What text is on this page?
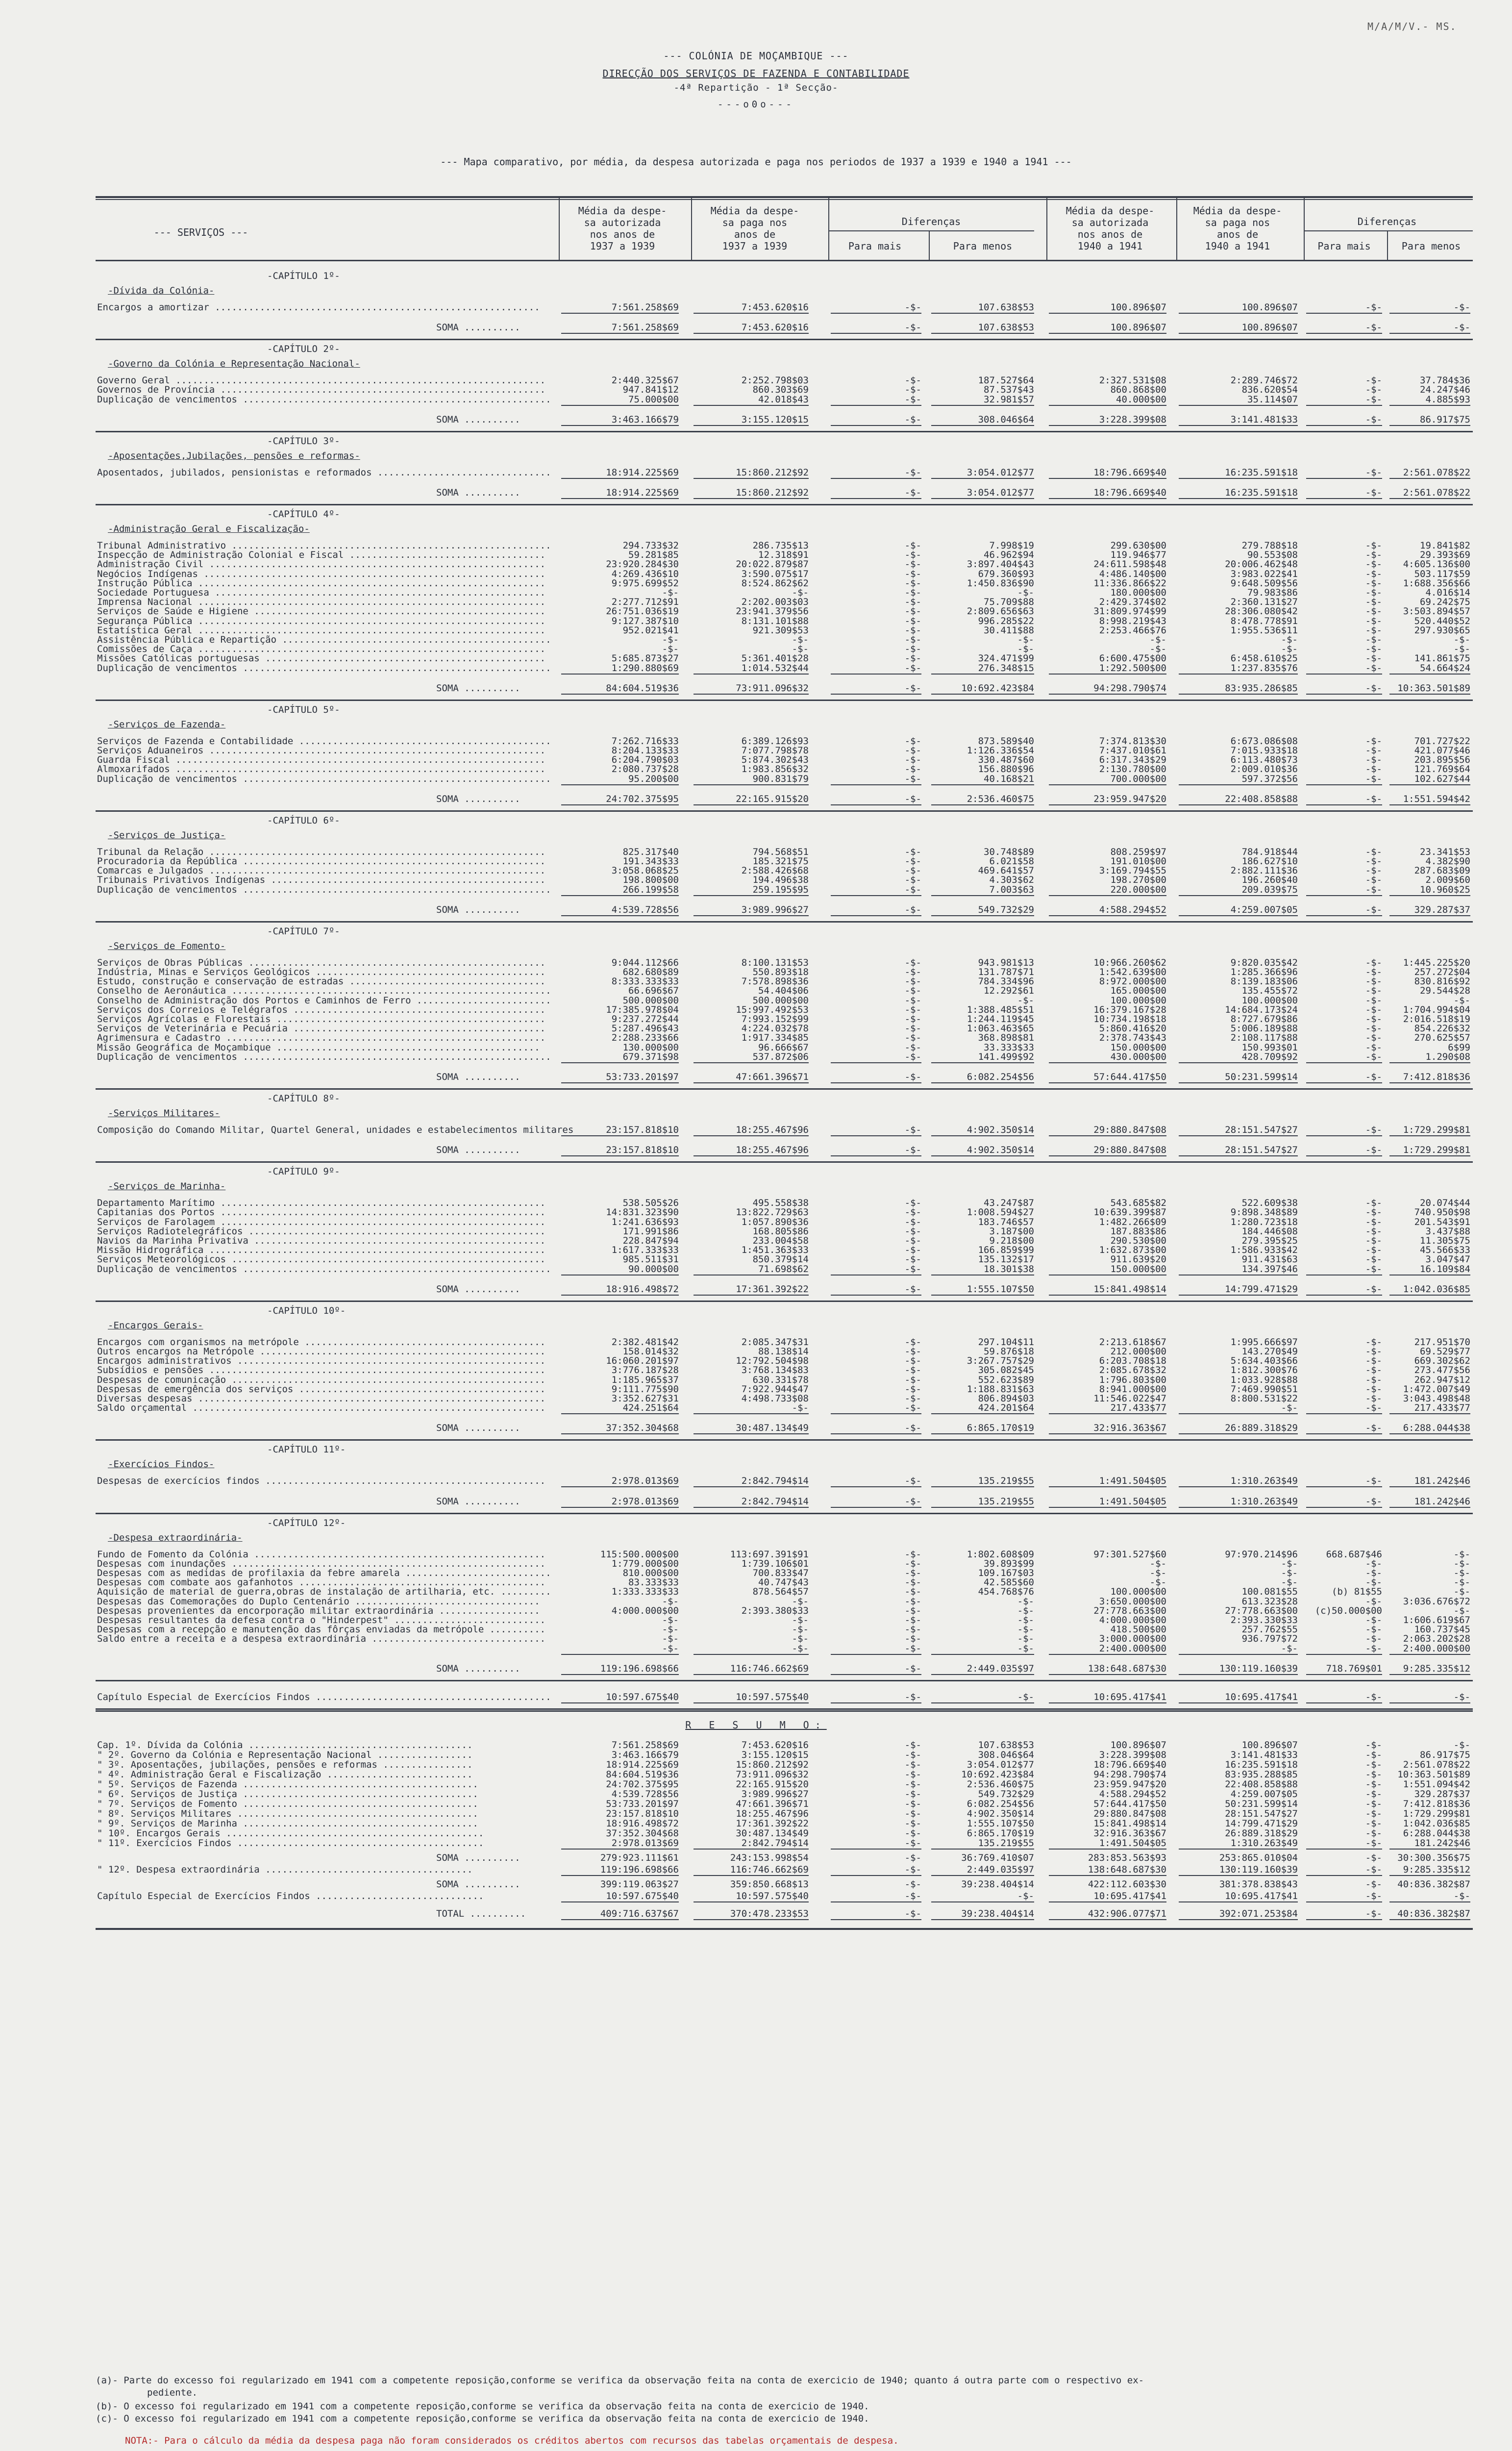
M/A/M/V.- MS.
--- COLÓNIA DE MOÇAMBIQUE ---
DIRECÇÃO DOS SERVIÇOS DE FAZENDA E CONTABILIDADE
-4ª Repartição - 1ª Secção-
---o0o---
--- Mapa comparativo, por média, da despesa autorizada e paga nos periodos de 1937 a 1939 e 1940 a 1941 ---
--- SERVIÇOS ---
Média da despe-
sa autorizada
nos anos de
1937 a 1939
Média da despe-
sa paga nos
anos de
1937 a 1939
Diferenças
Para mais	Para menos
Média da despe-
sa autorizada
nos anos de
1940 a 1941
Média da despe-
sa paga nos
anos de
1940 a 1941
Diferenças
Para mais	Para menos
-CAPÍTULO 1º-
-Dívida da Colónia-
Encargos a amortizar ..........................................................	7:561.258$69	7:453.620$16	-$-	107.638$53	100.896$07	100.896$07	-$-	-$-
SOMA ..........	7:561.258$69	7:453.620$16	-$-	107.638$53	100.896$07	100.896$07	-$-	-$-
-CAPÍTULO 2º-
-Governo da Colónia e Representação Nacional-
Governo Geral ..................................................................	2:440.325$67	2:252.798$03	-$-	187.527$64	2:327.531$08	2:289.746$72	-$-	37.784$36
Governos de Província ..........................................................	947.841$12	860.303$69	-$-	87.537$43	860.868$00	836.620$54	-$-	24.247$46
Duplicação de vencimentos .......................................................	75.000$00	42.018$43	-$-	32.981$57	40.000$00	35.114$07	-$-	4.885$93
SOMA ..........	3:463.166$79	3:155.120$15	-$-	308.046$64	3:228.399$08	3:141.481$33	-$-	86.917$75
-CAPÍTULO 3º-
-Aposentações,Jubilações, pensões e reformas-
Aposentados, jubilados, pensionistas e reformados ...............................	18:914.225$69	15:860.212$92	-$-	3:054.012$77	18:796.669$40	16:235.591$18	-$-	2:561.078$22
SOMA ..........	18:914.225$69	15:860.212$92	-$-	3:054.012$77	18:796.669$40	16:235.591$18	-$-	2:561.078$22
-CAPÍTULO 4º-
-Administração Geral e Fiscalização-
Tribunal Administrativo .........................................................	294.733$32	286.735$13	-$-	7.998$19	299.630$00	279.788$18	-$-	19.841$82
Inspecção de Administração Colonial e Fiscal ...................................	59.281$85	12.318$91	-$-	46.962$94	119.946$77	90.553$08	-$-	29.393$69
Administração Civil ............................................................	23:920.284$30	20:022.879$87	-$-	3:897.404$43	24:611.598$48	20:006.462$48	-$-	4:605.136$00
Negócios Indígenas .............................................................	4:269.436$10	3:590.075$17	-$-	679.360$93	4:486.140$00	3:983.022$41	-$-	503.117$59
Instrução Pública ..............................................................	9:975.699$52	8:524.862$62	-$-	1:450.836$90	11:336.866$22	9:648.509$56	-$-	1:688.356$66
Sociedade Portuguesa ...........................................................	-$-	-$-	-$-	-$-	180.000$00	79.983$86	-$-	4.016$14
Imprensa Nacional ..............................................................	2:277.712$91	2:202.003$03	-$-	75.709$88	2:429.374$02	2:360.131$27	-$-	69.242$75
Serviços de Saúde e Higiene ....................................................	26:751.036$19	23:941.379$56	-$-	2:809.656$63	31:809.974$99	28:306.080$42	-$-	3:503.894$57
Segurança Pública ..............................................................	9:127.387$10	8:131.101$88	-$-	996.285$22	8:998.219$43	8:478.778$91	-$-	520.440$52
Estatística Geral ..............................................................	952.021$41	921.309$53	-$-	30.411$88	2:253.466$76	1:955.536$11	-$-	297.930$65
Assistência Pública e Repartição ................................................	-$-	-$-	-$-	-$-	-$-	-$-	-$-	-$-
Comissões de Caça ..............................................................	-$-	-$-	-$-	-$-	-$-	-$-	-$-	-$-
Missões Católicas portuguesas ..................................................	5:685.873$27	5:361.401$28	-$-	324.471$99	6:600.475$00	6:458.610$25	-$-	141.861$75
Duplicação de vencimentos .......................................................	1:290.880$69	1:014.532$44	-$-	276.348$15	1:292.500$00	1:237.835$76	-$-	54.664$24
SOMA ..........	84:604.519$36	73:911.096$32	-$-	10:692.423$84	94:298.790$74	83:935.286$85	-$-	10:363.501$89
-CAPÍTULO 5º-
-Serviços de Fazenda-
Serviços de Fazenda e Contabilidade .............................................	7:262.716$33	6:389.126$93	-$-	873.589$40	7:374.813$30	6:673.086$08	-$-	701.727$22
Serviços Aduaneiros ............................................................	8:204.133$33	7:077.798$78	-$-	1:126.336$54	7:437.010$61	7:015.933$18	-$-	421.077$46
Guarda Fiscal ..................................................................	6:204.790$03	5:874.302$43	-$-	330.487$60	6:317.343$29	6:113.480$73	-$-	203.895$56
Almoxarifados ..................................................................	2:080.737$28	1:983.856$32	-$-	156.880$96	2:130.780$00	2:009.010$36	-$-	121.769$64
Duplicação de vencimentos .......................................................	95.200$00	900.831$79	-$-	40.168$21	700.000$00	597.372$56	-$-	102.627$44
SOMA ..........	24:702.375$95	22:165.915$20	-$-	2:536.460$75	23:959.947$20	22:408.858$88	-$-	1:551.594$42
-CAPÍTULO 6º-
-Serviços de Justiça-
Tribunal da Relação ............................................................	825.317$40	794.568$51	-$-	30.748$89	808.259$97	784.918$44	-$-	23.341$53
Procuradoria da República ......................................................	191.343$33	185.321$75	-$-	6.021$58	191.010$00	186.627$10	-$-	4.382$90
Comarcas e Julgados ............................................................	3:058.068$25	2:588.426$68	-$-	469.641$57	3:169.794$55	2:882.111$36	-$-	287.683$09
Tribunais Privativos Indígenas .................................................	198.800$00	194.496$38	-$-	4.303$62	198.270$00	196.260$40	-$-	2.009$60
Duplicação de vencimentos .......................................................	266.199$58	259.195$95	-$-	7.003$63	220.000$00	209.039$75	-$-	10.960$25
SOMA ..........	4:539.728$56	3:989.996$27	-$-	549.732$29	4:588.294$52	4:259.007$05	-$-	329.287$37
-CAPÍTULO 7º-
-Serviços de Fomento-
Serviços de Obras Públicas .....................................................	9:044.112$66	8:100.131$53	-$-	943.981$13	10:966.260$62	9:820.035$42	-$-	1:445.225$20
Indústria, Minas e Serviços Geológicos .........................................	682.680$89	550.893$18	-$-	131.787$71	1:542.639$00	1:285.366$96	-$-	257.272$04
Estudo, construção e conservação de estradas ...................................	8:333.333$33	7:578.898$36	-$-	784.334$96	8:972.000$00	8:139.183$06	-$-	830.816$92
Conselho de Aeronáutica .........................................................	66.696$67	54.404$06	-$-	12.292$61	165.000$00	135.455$72	-$-	29.544$28
Conselho de Administração dos Portos e Caminhos de Ferro ........................	500.000$00	500.000$00	-$-	-$-	100.000$00	100.000$00	-$-	-$-
Serviços dos Correios e Telégrafos .............................................	17:385.978$04	15:997.492$53	-$-	1:388.485$51	16:379.167$28	14:684.173$24	-$-	1:704.994$04
Serviços Agrícolas e Florestais ................................................	9:237.272$44	7:993.152$99	-$-	1:244.119$45	10:734.198$18	8:727.679$86	-$-	2:016.518$19
Serviços de Veterinária e Pecuária .............................................	5:287.496$43	4:224.032$78	-$-	1:063.463$65	5:860.416$20	5:006.189$88	-$-	854.226$32
Agrimensura e Cadastro .........................................................	2:288.233$66	1:917.334$85	-$-	368.898$81	2:378.743$43	2:108.117$88	-$-	270.625$57
Missão Geográfica de Moçambique ...............................................	130.000$00	96.666$67	-$-	33.333$33	150.000$00	150.993$01	-$-	6$99
Duplicação de vencimentos .......................................................	679.371$98	537.872$06	-$-	141.499$92	430.000$00	428.709$92	-$-	1.290$08
SOMA ..........	53:733.201$97	47:661.396$71	-$-	6:082.254$56	57:644.417$50	50:231.599$14	-$-	7:412.818$36
-CAPÍTULO 8º-
-Serviços Militares-
Composição do Comando Militar, Quartel General, unidades e estabelecimentos militares	23:157.818$10	18:255.467$96	-$-	4:902.350$14	29:880.847$08	28:151.547$27	-$-	1:729.299$81
SOMA ..........	23:157.818$10	18:255.467$96	-$-	4:902.350$14	29:880.847$08	28:151.547$27	-$-	1:729.299$81
-CAPÍTULO 9º-
-Serviços de Marinha-
Departamento Marítimo ..........................................................	538.505$26	495.558$38	-$-	43.247$87	543.685$82	522.609$38	-$-	20.074$44
Capitanias dos Portos ..........................................................	14:831.323$90	13:822.729$63	-$-	1:008.594$27	10:639.399$87	9:898.348$89	-$-	740.950$98
Serviços de Farolagem ..........................................................	1:241.636$93	1:057.890$36	-$-	183.746$57	1:482.266$09	1:280.723$18	-$-	201.543$91
Serviços Radiotelegráficos .....................................................	171.991$86	168.805$86	-$-	3.187$00	187.883$86	184.446$08	-$-	3.437$88
Navios da Marinha Privativa ....................................................	228.847$94	233.004$58	-$-	9.218$00	290.530$00	279.395$25	-$-	11.305$75
Missão Hidrográfica ............................................................	1:617.333$33	1:451.363$33	-$-	166.859$99	1:632.873$00	1:586.933$42	-$-	45.566$33
Serviços Meteorológicos ........................................................	985.511$31	850.379$14	-$-	135.132$17	911.639$20	911.431$63	-$-	3.047$47
Duplicação de vencimentos .......................................................	90.000$00	71.698$62	-$-	18.301$38	150.000$00	134.397$46	-$-	16.109$84
SOMA ..........	18:916.498$72	17:361.392$22	-$-	1:555.107$50	15:841.498$14	14:799.471$29	-$-	1:042.036$85
-CAPÍTULO 10º-
-Encargos Gerais-
Encargos com organismos na metrópole ...........................................	2:382.481$42	2:085.347$31	-$-	297.104$11	2:213.618$67	1:995.666$97	-$-	217.951$70
Outros encargos na Metrópole ...................................................	158.014$32	88.138$14	-$-	59.876$18	212.000$00	143.270$49	-$-	69.529$77
Encargos administrativos .......................................................	16:060.201$97	12:792.504$98	-$-	3:267.757$29	6:203.708$18	5:634.403$66	-$-	669.302$62
Subsídios e pensões ............................................................	3:776.187$28	3:768.134$83	-$-	305.082$45	2:085.678$32	1:812.300$76	-$-	273.477$56
Despesas de comunicação ........................................................	1:185.965$37	630.331$78	-$-	552.623$89	1:796.803$00	1:033.928$88	-$-	262.947$12
Despesas de emergência dos serviços ............................................	9:111.775$90	7:922.944$47	-$-	1:188.831$63	8:941.000$00	7:469.990$51	-$-	1:472.007$49
Diversas despesas ..............................................................	3:352.627$31	4:498.733$08	-$-	806.894$03	11:546.022$47	8:800.531$22	-$-	3:043.498$48
Saldo orçamental ...............................................................	424.251$64	-$-	-$-	424.201$64	217.433$77	-$-	-$-	217.433$77
SOMA ..........	37:352.304$68	30:487.134$49	-$-	6:865.170$19	32:916.363$67	26:889.318$29	-$-	6:288.044$38
-CAPÍTULO 11º-
-Exercícios Findos-
Despesas de exercícios findos ..................................................	2:978.013$69	2:842.794$14	-$-	135.219$55	1:491.504$05	1:310.263$49	-$-	181.242$46
SOMA ..........	2:978.013$69	2:842.794$14	-$-	135.219$55	1:491.504$05	1:310.263$49	-$-	181.242$46
-CAPÍTULO 12º-
-Despesa extraordinária-
Fundo de Fomento da Colónia ....................................................	115:500.000$00	113:697.391$91	-$-	1:802.608$09	97:301.527$60	97:970.214$96	668.687$46	-$-
Despesas com inundações ........................................................	1:779.000$00	1:739.106$01	-$-	39.893$99	-$-	-$-	-$-	-$-
Despesas com as medidas de profilaxia da febre amarela ..........................	810.000$00	700.833$47	-$-	109.167$03	-$-	-$-	-$-	-$-
Despesas com combate aos gafanhotos ............................................	83.333$33	40.747$43	-$-	42.585$60	-$-	-$-	-$-	-$-
Aquisição de material de guerra,obras de instalação de artilharia, etc. .........	1:333.333$33	878.564$57	-$-	454.768$76	100.000$00	100.081$55	(b) 81$55	-$-
Despesas das Comemorações do Duplo Centenário .................................	-$-	-$-	-$-	-$-	3:650.000$00	613.323$28	-$-	3:036.676$72
Despesas provenientes da encorporação militar extraordinária ..................	4:000.000$00	2:393.380$33	-$-	-$-	27:778.663$00	27:778.663$00	(c)50.000$00	-$-
Despesas resultantes da defesa contra o "Hinderpest" ...........................	-$-	-$-	-$-	-$-	4:000.000$00	2:393.330$33	-$-	1:606.619$67
Despesas com a recepção e manutenção das fôrças enviadas da metrópole ..........	-$-	-$-	-$-	-$-	418.500$00	257.762$55	-$-	160.737$45
Saldo entre a receita e a despesa extraordinária ...............................	-$-	-$-	-$-	-$-	3:000.000$00	936.797$72	-$-	2:063.202$28
-$-	-$-	-$-	-$-	2:400.000$00	-$-	-$-	2:400.000$00
SOMA ..........	119:196.698$66	116:746.662$69	-$-	2:449.035$97	138:648.687$30	130:119.160$39	718.769$01	9:285.335$12
Capítulo Especial de Exercícios Findos ..........................................	10:597.675$40	10:597.575$40	-$-	-$-	10:695.417$41	10:695.417$41	-$-	-$-
R E S U M O:
Cap. 1º. Dívida da Colónia ........................................	7:561.258$69	7:453.620$16	-$-	107.638$53	100.896$07	100.896$07	-$-	-$-
" 2º. Governo da Colónia e Representação Nacional .................	3:463.166$79	3:155.120$15	-$-	308.046$64	3:228.399$08	3:141.481$33	-$-	86.917$75
" 3º. Aposentações, jubilações, pensões e reformas ................	18:914.225$69	15:860.212$92	-$-	3:054.012$77	18:796.669$40	16:235.591$18	-$-	2:561.078$22
" 4º. Administração Geral e Fiscalização ..........................	84:604.519$36	73:911.096$32	-$-	10:692.423$84	94:298.790$74	83:935.288$85	-$-	10:363.501$89
" 5º. Serviços de Fazenda ..........................................	24:702.375$95	22:165.915$20	-$-	2:536.460$75	23:959.947$20	22:408.858$88	-$-	1:551.094$42
" 6º. Serviços de Justiça ..........................................	4:539.728$56	3:989.996$27	-$-	549.732$29	4:588.294$52	4:259.007$05	-$-	329.287$37
" 7º. Serviços de Fomento ..........................................	53:733.201$97	47:661.396$71	-$-	6:082.254$56	57:644.417$50	50:231.599$14	-$-	7:412.818$36
" 8º. Serviços Militares ...........................................	23:157.818$10	18:255.467$96	-$-	4:902.350$14	29:880.847$08	28:151.547$27	-$-	1:729.299$81
" 9º. Serviços de Marinha ..........................................	18:916.498$72	17:361.392$22	-$-	1:555.107$50	15:841.498$14	14:799.471$29	-$-	1:042.036$85
" 10º. Encargos Gerais ..............................................	37:352.304$68	30:487.134$49	-$-	6:865.170$19	32:916.363$67	26:889.318$29	-$-	6:288.044$38
" 11º. Exercícios Findos ............................................	2:978.013$69	2:842.794$14	-$-	135.219$55	1:491.504$05	1:310.263$49	-$-	181.242$46
SOMA ..........	279:923.111$61	243:153.998$54	-$-	36:769.410$07	283:853.563$93	253:865.010$04	-$-	30:300.356$75
" 12º. Despesa extraordinária .....................................	119:196.698$66	116:746.662$69	-$-	2:449.035$97	138:648.687$30	130:119.160$39	-$-	9:285.335$12
SOMA ..........	399:119.063$27	359:850.668$13	-$-	39:238.404$14	422:112.603$30	381:378.838$43	-$-	40:836.382$87
Capítulo Especial de Exercícios Findos ..............................	10:597.675$40	10:597.575$40	-$-	-$-	10:695.417$41	10:695.417$41	-$-	-$-
TOTAL ..........	409:716.637$67	370:478.233$53	-$-	39:238.404$14	432:906.077$71	392:071.253$84	-$-	40:836.382$87
(a)- Parte do excesso foi regularizado em 1941 com a competente reposição,conforme se verifica da observação feita na conta de exercicio de 1940; quanto á outra parte com o respectivo ex-
pediente.
(b)- O excesso foi regularizado em 1941 com a competente reposição,conforme se verifica da observação feita na conta de exercicio de 1940.
(c)- O excesso foi regularizado em 1941 com a competente reposição,conforme se verifica da observação feita na conta de exercicio de 1940.
NOTA:- Para o cálculo da média da despesa paga não foram considerados os créditos abertos com recursos das tabelas orçamentais de despesa.
